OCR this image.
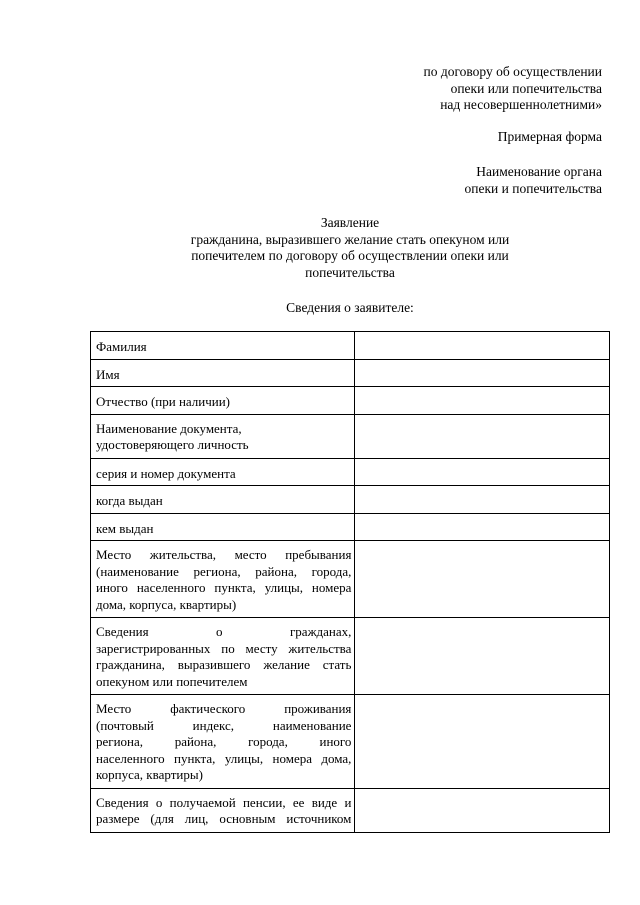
по договору об осуществлении
опеки или попечительства
над несовершеннолетними»
Примерная форма
Наименование органа
опеки и попечительства
Заявление
гражданина, выразившего желание стать опекуном или
попечителем по договору об осуществлении опеки или
попечительства
Сведения о заявителе:
Фамилия	

Имя	

Отчество (при наличии)	

Наименование документа,
удостоверяющего личность	

серия и номер документа	

когда выдан	

кем выдан	

Место жительства, место пребывания
(наименование региона, района, города,
иного населенного пункта, улицы, номера
дома, корпуса, квартиры)	

Сведения о гражданах,
зарегистрированных по месту жительства
гражданина, выразившего желание стать
опекуном или попечителем	

Место фактического проживания
(почтовый индекс, наименование
региона, района, города, иного
населенного пункта, улицы, номера дома,
корпуса, квартиры)	

Сведения о получаемой пенсии, ее виде и
размере (для лиц, основным источником	
